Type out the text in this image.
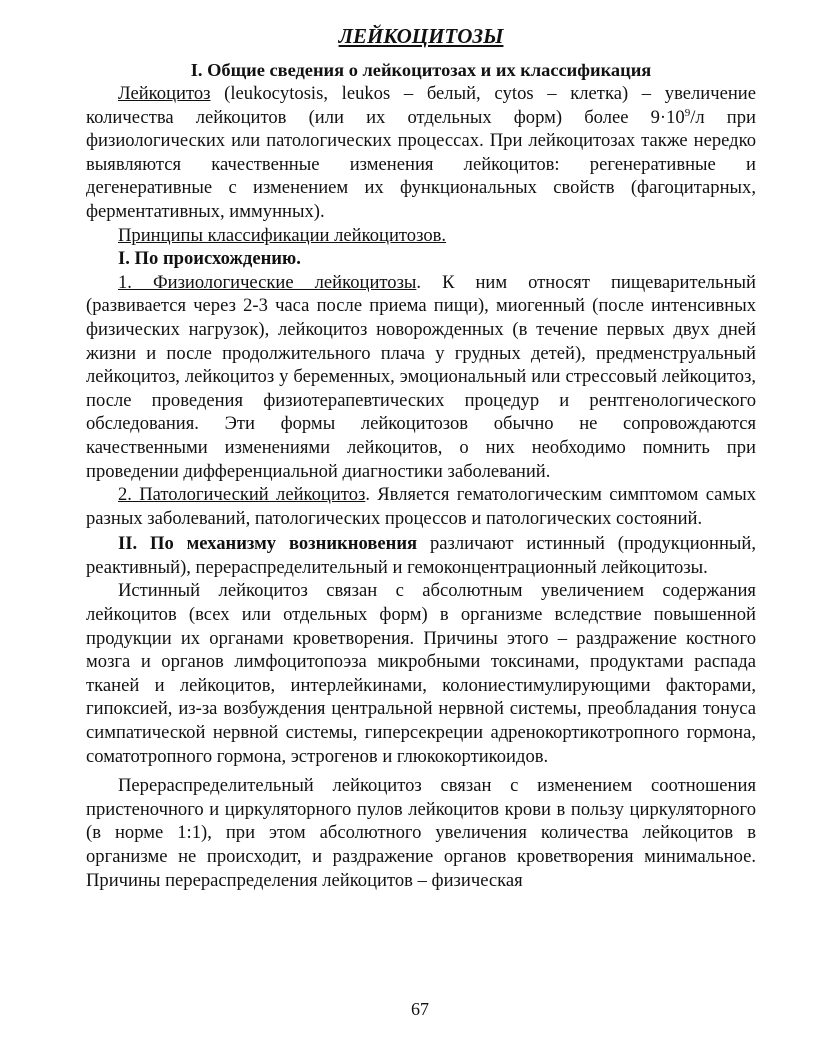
ЛЕЙКОЦИТОЗЫ
I. Общие сведения о лейкоцитозах и их классификация

Лейкоцитоз (leukocytosis, leukos – белый, cytos – клетка) – увеличение количества лейкоцитов (или их отдельных форм) более $9\cdot 10^9/л$ при физиологических или патологических процессах. При лейкоцитозах также нередко выявляются качественные изменения лейкоцитов: регенеративные и дегенеративные с изменением их функциональных свойств (фагоцитарных, ферментативных, иммунных).

Принципы классификации лейкоцитозов.

I. По происхождению.

1. Физиологические лейкоцитозы. К ним относят пищеварительный (развивается через 2-3 часа после приема пищи), миогенный (после интенсивных физических нагрузок), лейкоцитоз новорожденных (в течение первых двух дней жизни и после продолжительного плача у грудных детей), предменструальный лейкоцитоз, лейкоцитоз у беременных, эмоциональный или стрессовый лейкоцитоз, после проведения физиотерапевтических процедур и рентгенологического обследования. Эти формы лейкоцитозов обычно не сопровождаются качественными изменениями лейкоцитов, о них необходимо помнить при проведении дифференциальной диагностики заболеваний.

2. Патологический лейкоцитоз. Является гематологическим симптомом самых разных заболеваний, патологических процессов и патологических состояний.

II. По механизму возникновения различают истинный (продукционный, реактивный), перераспределительный и гемоконцентрационный лейкоцитозы.

Истинный лейкоцитоз связан с абсолютным увеличением содержания лейкоцитов (всех или отдельных форм) в организме вследствие повышенной продукции их органами кроветворения. Причины этого – раздражение костного мозга и органов лимфоцитопоэза микробными токсинами, продуктами распада тканей и лейкоцитов, интерлейкинами, колониестимулирующими факторами, гипоксией, из-за возбуждения центральной нервной системы, преобладания тонуса симпатической нервной системы, гиперсекреции адренокортикотропного гормона, соматотропного гормона, эстрогенов и глюкокортикоидов.

Перераспределительный лейкоцитоз связан с изменением соотношения пристеночного и циркуляторного пулов лейкоцитов крови в пользу циркуляторного (в норме 1:1), при этом абсолютного увеличения количества лейкоцитов в организме не происходит, и раздражение органов кроветворения минимальное. Причины перераспределения лейкоцитов – физическая

67
